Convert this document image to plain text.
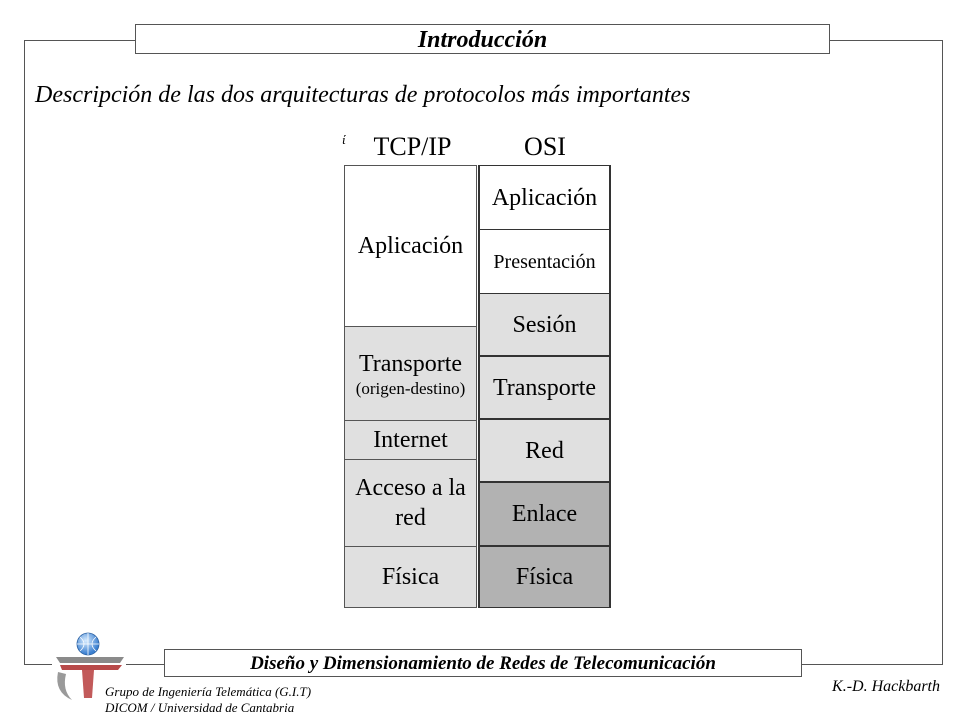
Introducción
Descripción de las dos arquitecturas de protocolos más importantes
ί	TCP/IP	OSI
Aplicación
Transporte
(origen-destino)
Internet
Acceso a la red
Física
Aplicación
Presentación
Sesión
Transporte
Red
Enlace
Física
Diseño y Dimensionamiento de Redes de Telecomunicación
Grupo de Ingeniería Telemática (G.I.T)
DICOM / Universidad de Cantabria
K.-D. Hackbarth
